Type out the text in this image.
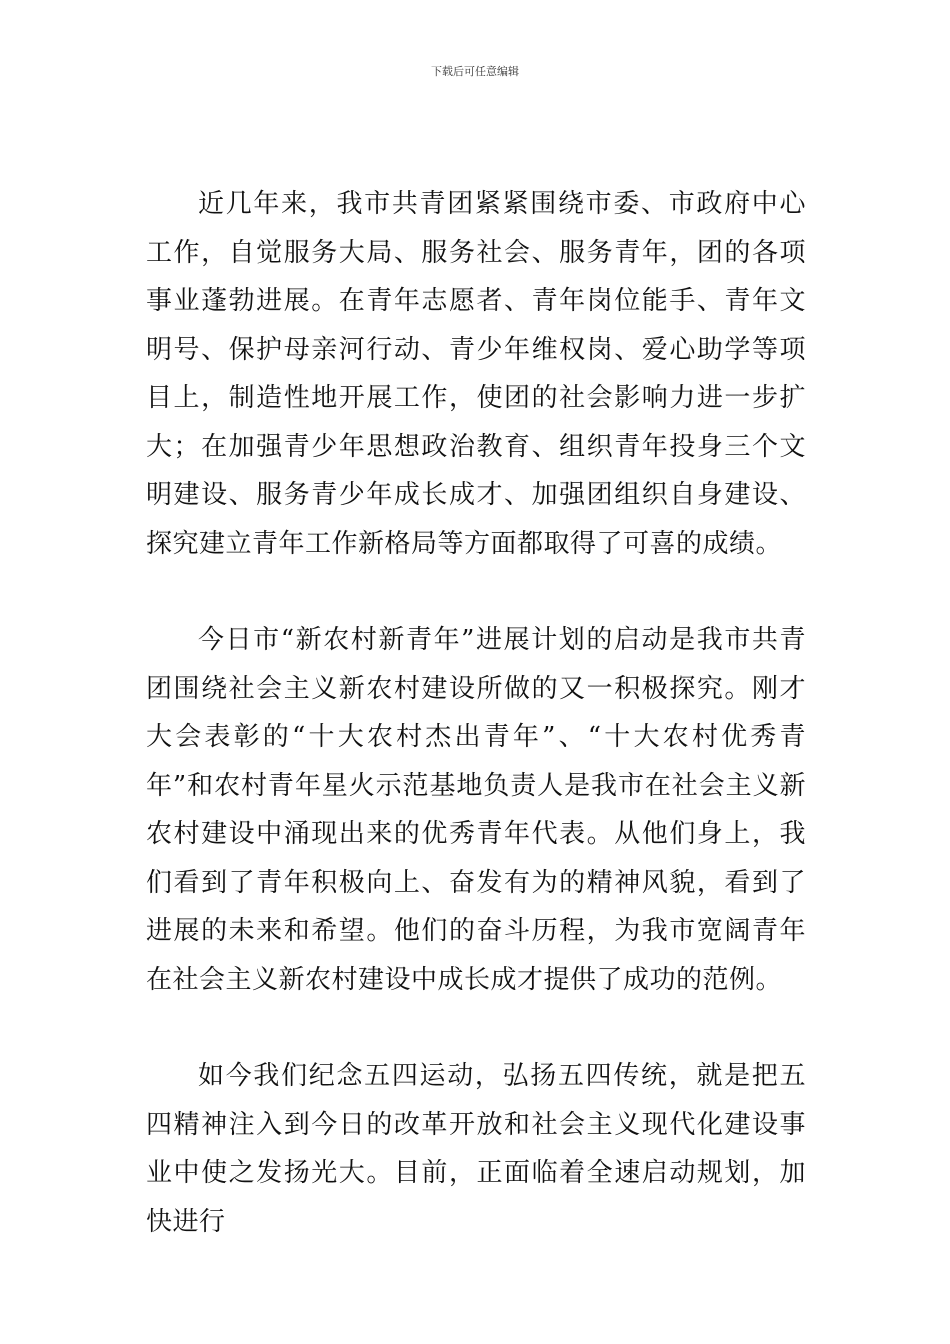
下载后可任意编辑

近几年来，我市共青团紧紧围绕市委、市政府中心工作，自觉服务大局、服务社会、服务青年，团的各项事业蓬勃进展。在青年志愿者、青年岗位能手、青年文明号、保护母亲河行动、青少年维权岗、爱心助学等项目上，制造性地开展工作，使团的社会影响力进一步扩大；在加强青少年思想政治教育、组织青年投身三个文明建设、服务青少年成长成才、加强团组织自身建设、探究建立青年工作新格局等方面都取得了可喜的成绩。

今日市“新农村新青年”进展计划的启动是我市共青团围绕社会主义新农村建设所做的又一积极探究。刚才大会表彰的“十大农村杰出青年”、“十大农村优秀青年”和农村青年星火示范基地负责人是我市在社会主义新农村建设中涌现出来的优秀青年代表。从他们身上，我们看到了青年积极向上、奋发有为的精神风貌，看到了进展的未来和希望。他们的奋斗历程，为我市宽阔青年在社会主义新农村建设中成长成才提供了成功的范例。

如今我们纪念五四运动，弘扬五四传统，就是把五四精神注入到今日的改革开放和社会主义现代化建设事业中使之发扬光大。目前，正面临着全速启动规划，加快进行
